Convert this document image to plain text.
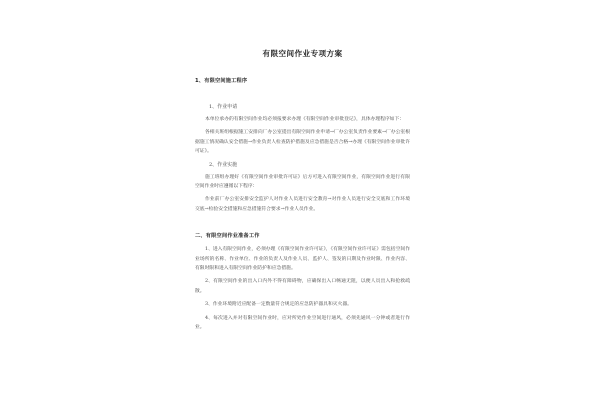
有限空间作业专项方案
1、有限空间施工程序
1、作业申请
本单位承办的有限空间作业均必须报要求办理《有限空间作业审批登记》，具体办理程序如下：
各相关班组根据施工安排向厂办公室提出有限空间作业申请→厂办公室负责作业要素→厂办公室根据施工情况确认安全措施→作业负责人检查防护措施及应急措施是否合格→办理《有限空间作业审批许可证》。
2、作业实施
施工班组办理好《有限空间作业审批许可证》后方可进入有限空间作业，有限空间作业进行有限空间作业时应遵循以下程序：
作业前厂办公室安排安全监护人对作业人员进行安全教育→对作业人员进行安全交底和工作环境交底→检验安全措施和应急措施符合要求→作业人员作业。
二、有限空间作业准备工作
1、进入有限空间作业，必须办理《有限空间作业许可证》，《有限空间作业许可证》需包括空间作业场所的名称、作业单位、作业的负责人及作业人员、监护人、签发的日期及作业时限、作业内容、有限时限和进入有限空间作业防护和应急措施。
2、有限空间作业的出入口内外不得有障碍物，应确保出入口畅通无阻，以便人员出入和抢救疏散。
3、作业环境附近应配备一定数量符合规定的应急防护器具和灭火器。
4、每次进入并对有限空间作业时，应对所处作业空间进行通风，必须先通风一分钟或者进行作业。
